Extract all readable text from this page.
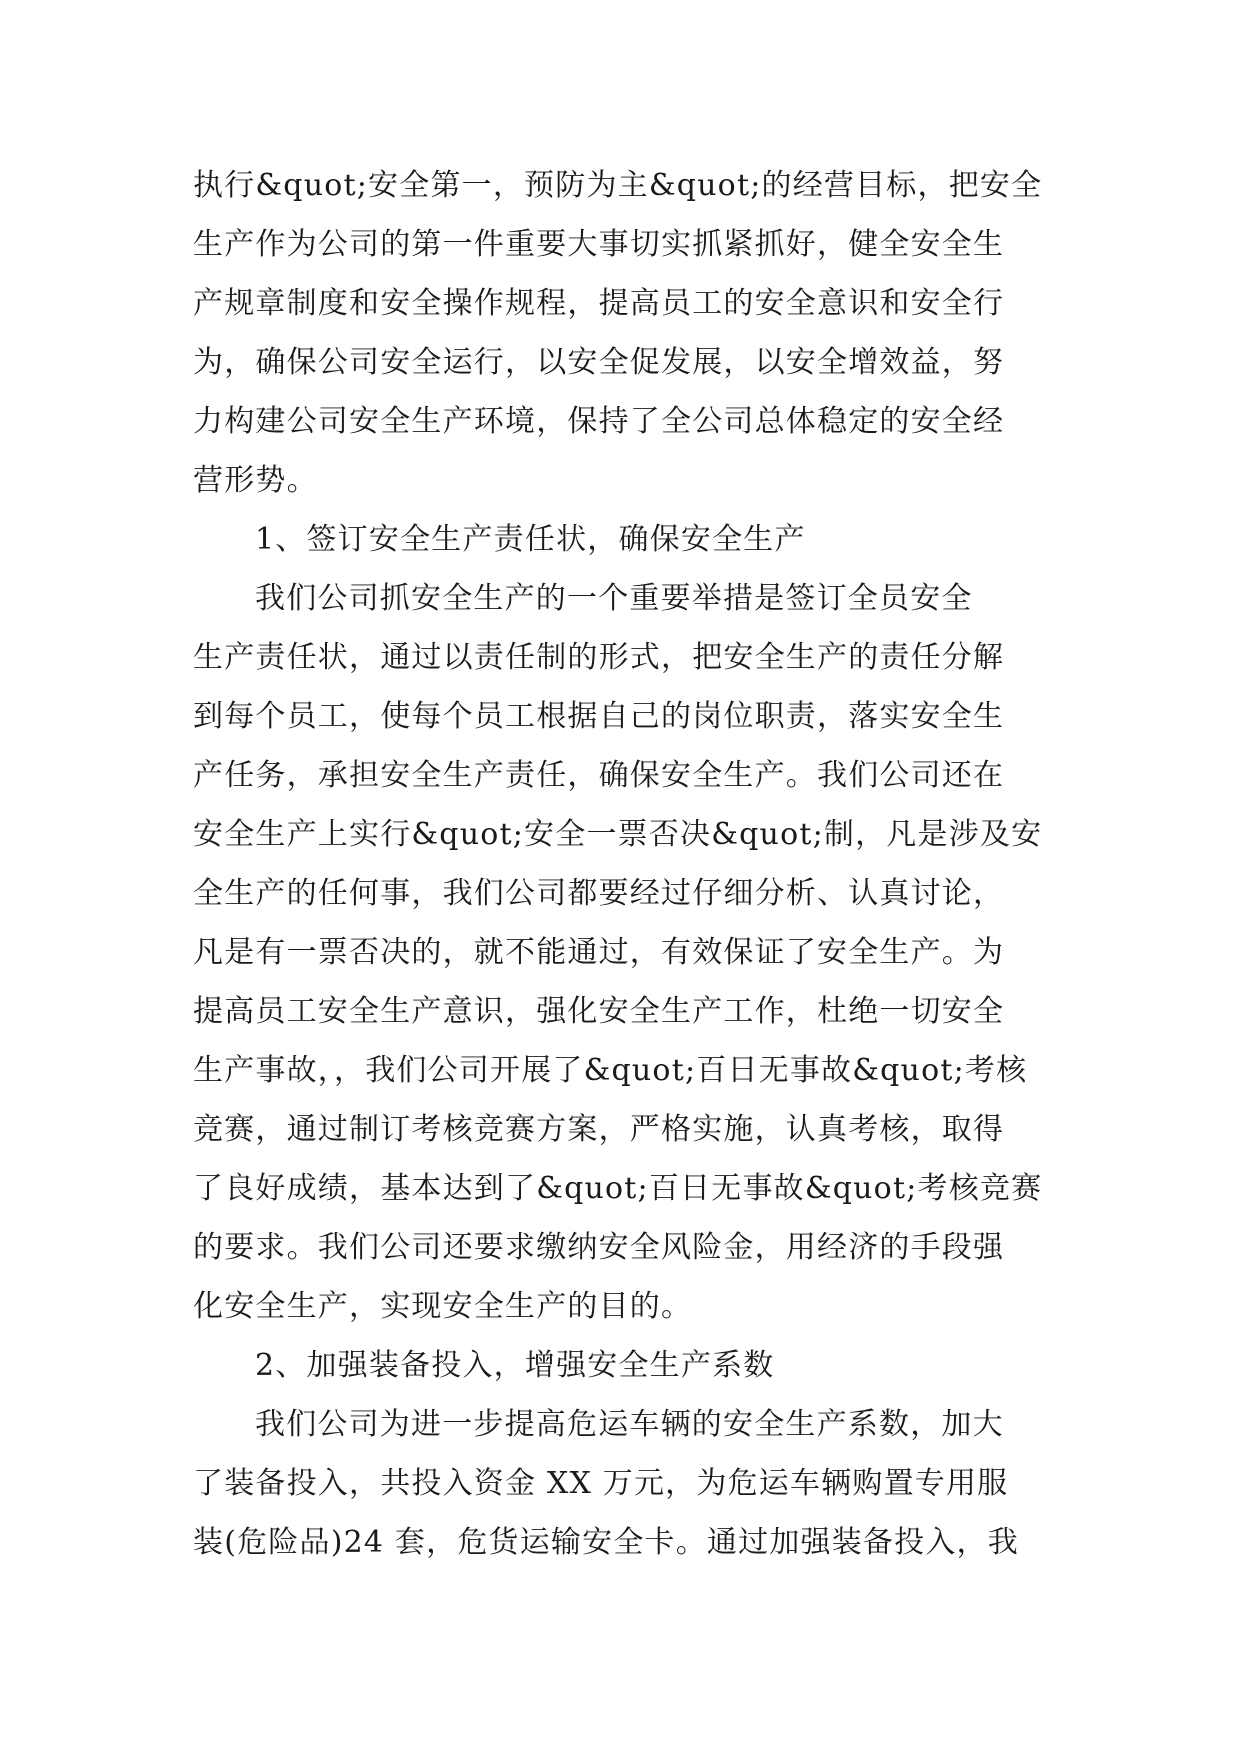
执行&quot;安全第一，预防为主&quot;的经营目标，把安全
生产作为公司的第一件重要大事切实抓紧抓好，健全安全生
产规章制度和安全操作规程，提高员工的安全意识和安全行
为，确保公司安全运行，以安全促发展，以安全增效益，努
力构建公司安全生产环境，保持了全公司总体稳定的安全经
营形势。
1、签订安全生产责任状，确保安全生产
我们公司抓安全生产的一个重要举措是签订全员安全
生产责任状，通过以责任制的形式，把安全生产的责任分解
到每个员工，使每个员工根据自己的岗位职责，落实安全生
产任务，承担安全生产责任，确保安全生产。我们公司还在
安全生产上实行&quot;安全一票否决&quot;制，凡是涉及安
全生产的任何事，我们公司都要经过仔细分析、认真讨论，
凡是有一票否决的，就不能通过，有效保证了安全生产。为
提高员工安全生产意识，强化安全生产工作，杜绝一切安全
生产事故，，我们公司开展了&quot;百日无事故&quot;考核
竞赛，通过制订考核竞赛方案，严格实施，认真考核，取得
了良好成绩，基本达到了&quot;百日无事故&quot;考核竞赛
的要求。我们公司还要求缴纳安全风险金，用经济的手段强
化安全生产，实现安全生产的目的。
2、加强装备投入，增强安全生产系数
我们公司为进一步提高危运车辆的安全生产系数，加大
了装备投入，共投入资金 XX 万元，为危运车辆购置专用服
装(危险品)24 套，危货运输安全卡。通过加强装备投入，我
